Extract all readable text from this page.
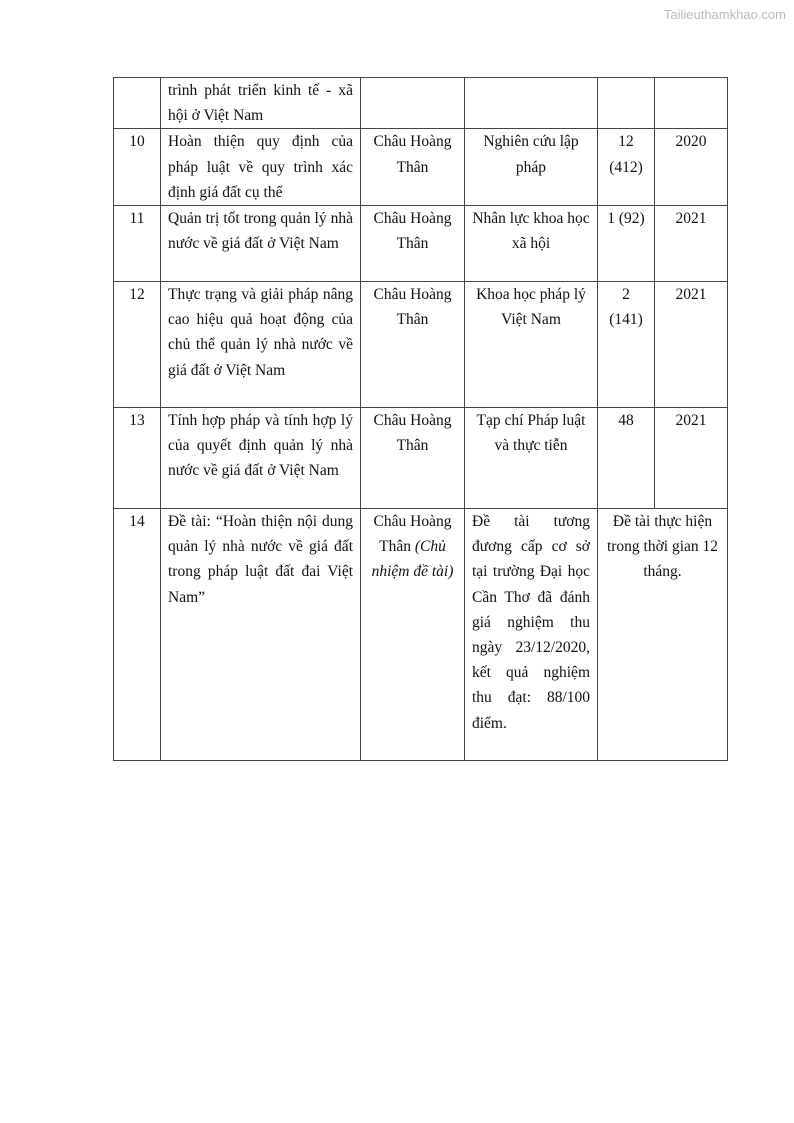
Tailieuthamkhao.com
	trình phát triển kinh tế - xã hội ở Việt Nam				
10	Hoàn thiện quy định của pháp luật về quy trình xác định giá đất cụ thể	Châu Hoàng Thân	Nghiên cứu lập pháp	12 (412)	2020
11	Quản trị tốt trong quản lý nhà nước về giá đất ở Việt Nam	Châu Hoàng Thân	Nhân lực khoa học xã hội	1 (92)	2021
12	Thực trạng và giải pháp nâng cao hiệu quả hoạt động của chủ thể quản lý nhà nước về giá đất ở Việt Nam	Châu Hoàng Thân	Khoa học pháp lý Việt Nam	2 (141)	2021
13	Tính hợp pháp và tính hợp lý của quyết định quản lý nhà nước về giá đất ở Việt Nam	Châu Hoàng Thân	Tạp chí Pháp luật và thực tiễn	48	2021
14	Đề tài: “Hoàn thiện nội dung quản lý nhà nước về giá đất trong pháp luật đất đai Việt Nam”	Châu Hoàng Thân (Chủ nhiệm đề tài)	Đề tài tương đương cấp cơ sở tại trường Đại học Cần Thơ đã đánh giá nghiệm thu ngày 23/12/2020, kết quả nghiệm thu đạt: 88/100 điểm.	Đề tài thực hiện trong thời gian 12 tháng.	
